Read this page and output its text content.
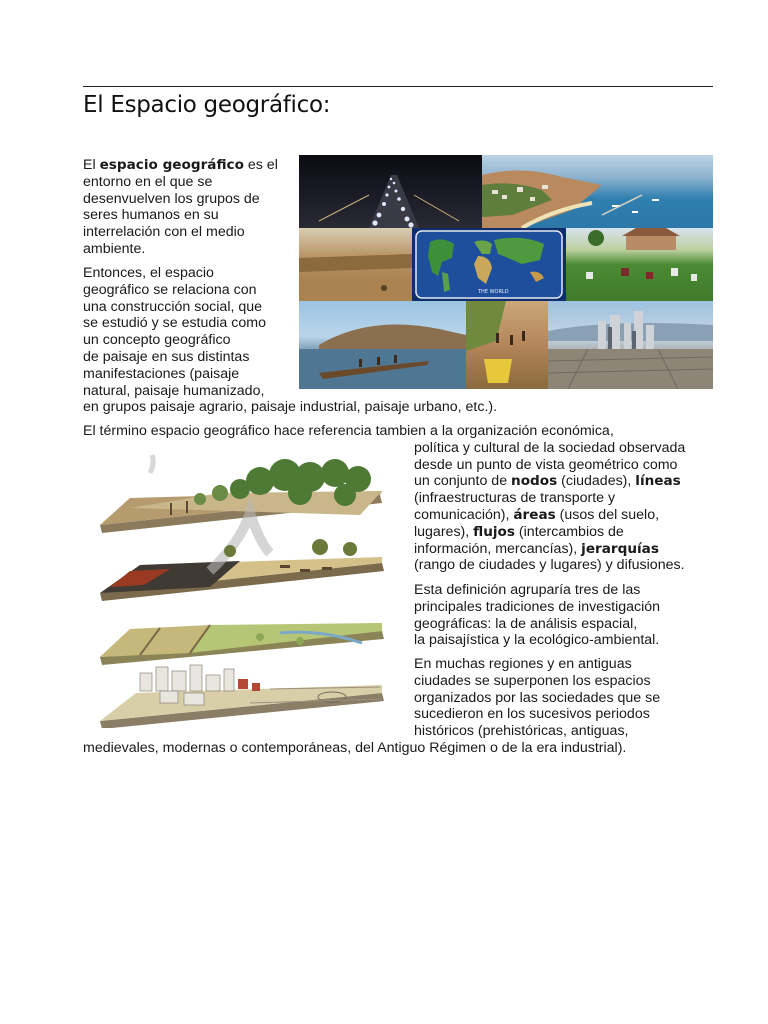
El Espacio geográfico:

El espacio geográfico es el
entorno en el que se
desenvuelven los grupos de
seres humanos en su
interrelación con el medio
ambiente.

Entonces, el espacio
geográfico se relaciona con
una construcción social, que
se estudió y se estudia como
un concepto geográfico
de paisaje en sus distintas
manifestaciones (paisaje
natural, paisaje humanizado,
en grupos paisaje agrario, paisaje industrial, paisaje urbano, etc.).

El término espacio geográfico hace referencia tambien a la organización económica,
política y cultural de la sociedad observada
desde un punto de vista geométrico como
un conjunto de nodos (ciudades), líneas
(infraestructuras de transporte y
comunicación), áreas (usos del suelo,
lugares), flujos (intercambios de
información, mercancías), jerarquías
(rango de ciudades y lugares) y difusiones.

Esta definición agruparía tres de las
principales tradiciones de investigación
geográficas: la de análisis espacial,
la paisajística y la ecológico-ambiental.

En muchas regiones y en antiguas
ciudades se superponen los espacios
organizados por las sociedades que se
sucedieron en los sucesivos periodos
históricos (prehistóricas, antiguas,
medievales, modernas o contemporáneas, del Antiguo Régimen o de la era industrial).

THE WORLD
